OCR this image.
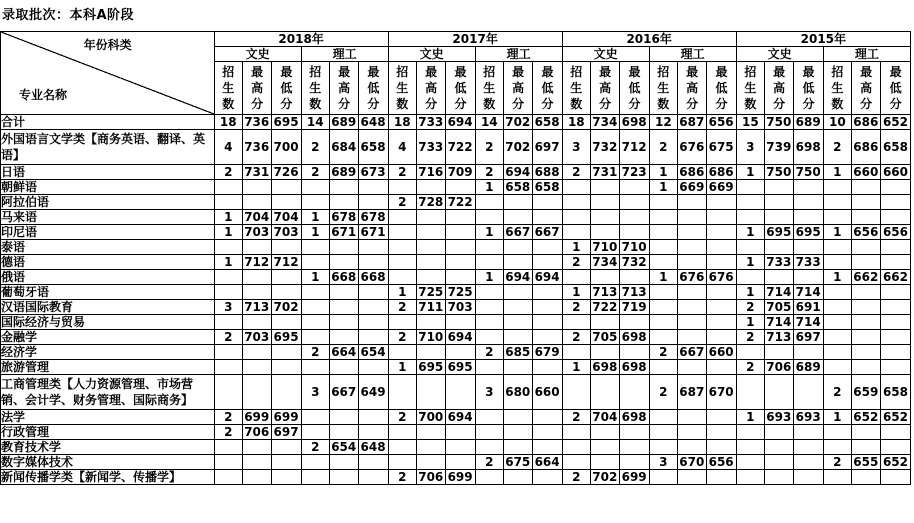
录取批次：本科A阶段
年份科类
专业名称	2018年						2017年						2016年						2015年					
	文史			理工			文史			理工			文史			理工			文史			理工		
	招生数	最高分	最低分	招生数	最高分	最低分	招生数	最高分	最低分	招生数	最高分	最低分	招生数	最高分	最低分	招生数	最高分	最低分	招生数	最高分	最低分	招生数	最高分	最低分
合计	18	736	695	14	689	648	18	733	694	14	702	658	18	734	698	12	687	656	15	750	689	10	686	652
外国语言文学类【商务英语、翻译、英语】	4	736	700	2	684	658	4	733	722	2	702	697	3	732	712	2	676	675	3	739	698	2	686	658
日语	2	731	726	2	689	673	2	716	709	2	694	688	2	731	723	1	686	686	1	750	750	1	660	660
朝鲜语										1	658	658				1	669	669						
阿拉伯语							2	728	722															
马来语	1	704	704	1	678	678																		
印尼语	1	703	703	1	671	671				1	667	667							1	695	695	1	656	656
泰语													1	710	710									
德语	1	712	712										2	734	732				1	733	733			
俄语				1	668	668				1	694	694				1	676	676				1	662	662
葡萄牙语							1	725	725				1	713	713				1	714	714			
汉语国际教育	3	713	702				2	711	703				2	722	719				2	705	691			
国际经济与贸易																			1	714	714			
金融学	2	703	695				2	710	694				2	705	698				2	713	697			
经济学				2	664	654				2	685	679				2	667	660						
旅游管理							1	695	695				1	698	698				2	706	689			
工商管理类【人力资源管理、市场营销、会计学、财务管理、国际商务】				3	667	649				3	680	660				2	687	670				2	659	658
法学	2	699	699				2	700	694				2	704	698				1	693	693	1	652	652
行政管理	2	706	697																					
教育技术学				2	654	648																		
数字媒体技术										2	675	664				3	670	656				2	655	652
新闻传播学类【新闻学、传播学】							2	706	699				2	702	699									
